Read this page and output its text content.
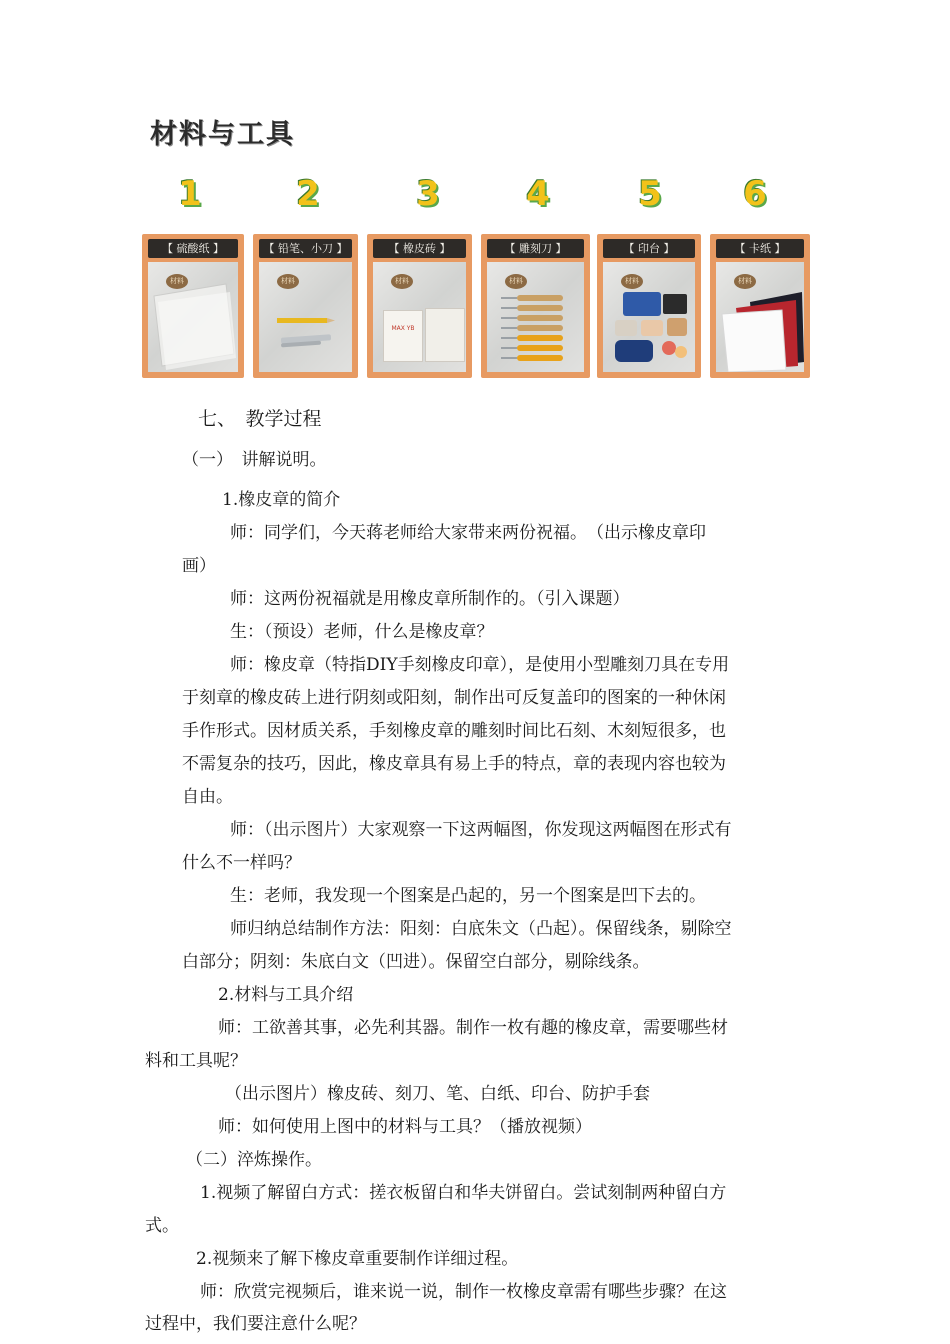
材料与工具
1	2	3	4	5	6
【 硫酸纸 】
材料
【 铅笔、小刀 】
材料
【 橡皮砖 】
材料
MAX YB
【 雕刻刀 】
材料
【 印台 】
材料
【 卡纸 】
材料
七、　教学过程
（一）　讲解说明。
1.橡皮章的简介
师：同学们，今天蒋老师给大家带来两份祝福。　（出示橡皮章印
画）
师：这两份祝福就是用橡皮章所制作的。（引入课题）
生：（预设）老师，什么是橡皮章？
师：橡皮章（特指DIY手刻橡皮印章），是使用小型雕刻刀具在专用
于刻章的橡皮砖上进行阴刻或阳刻，制作出可反复盖印的图案的一种休闲
手作形式。因材质关系，手刻橡皮章的雕刻时间比石刻、木刻短很多，也
不需复杂的技巧，因此，橡皮章具有易上手的特点，章的表现内容也较为
自由。
师：（出示图片）大家观察一下这两幅图，你发现这两幅图在形式有
什么不一样吗？
生：老师，我发现一个图案是凸起的，另一个图案是凹下去的。
师归纳总结制作方法：阳刻：白底朱文（凸起）。保留线条，剔除空
白部分；阴刻：朱底白文（凹进）。保留空白部分，剔除线条。
2.材料与工具介绍
师：工欲善其事，必先利其器。制作一枚有趣的橡皮章，需要哪些材
料和工具呢？
（出示图片）橡皮砖、刻刀、笔、白纸、印台、防护手套
师：如何使用上图中的材料与工具？（播放视频）
（二）淬炼操作。
1.视频了解留白方式：搓衣板留白和华夫饼留白。尝试刻制两种留白方
式。
2.视频来了解下橡皮章重要制作详细过程。
师：欣赏完视频后，谁来说一说，制作一枚橡皮章需有哪些步骤？在这
过程中，我们要注意什么呢？
